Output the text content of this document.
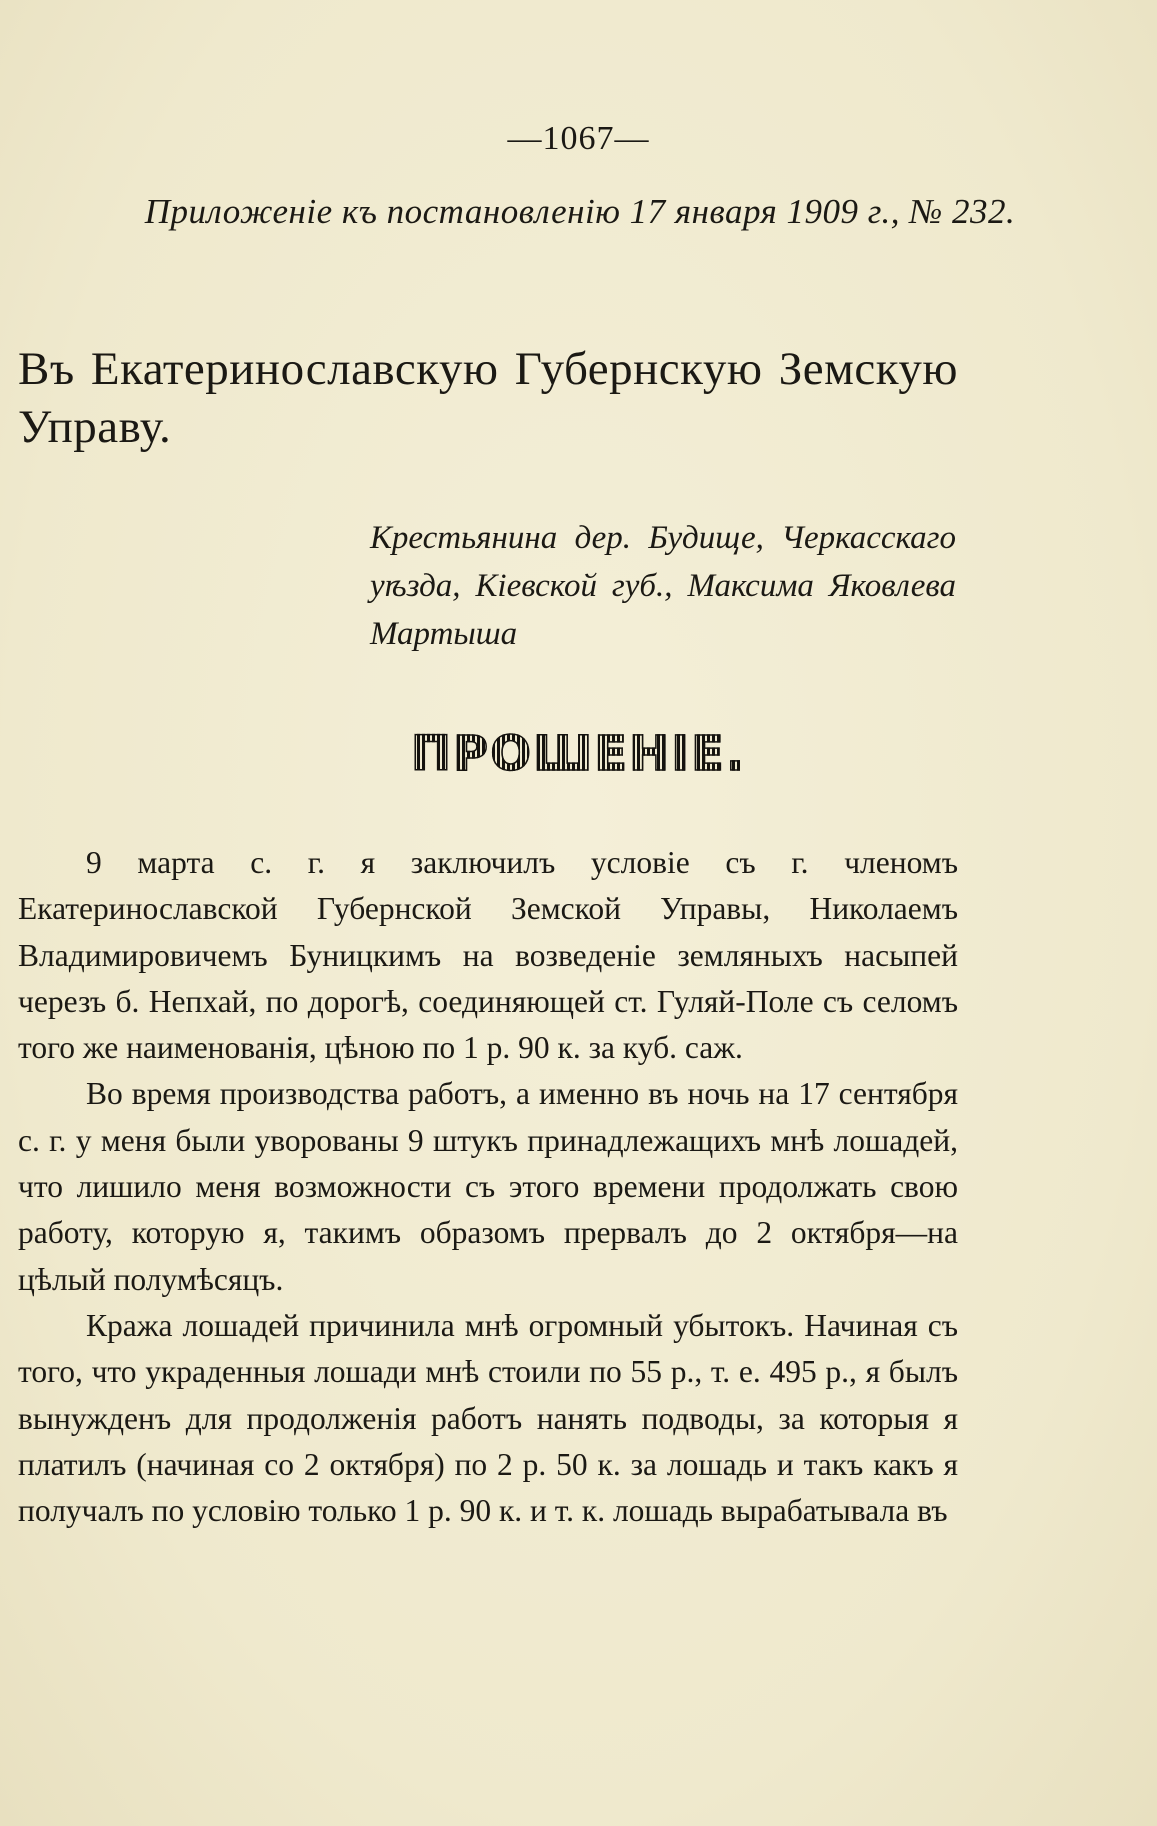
—1067—
Приложеніе къ постановленію 17 января 1909 г., № 232.
Въ Екатеринославскую Губернскую Земскую Управу.
Крестьянина дер. Будище, Черкасскаго уѣзда, Кіевской губ., Максима Яковлева Мартыша
ПРОШЕНІЕ.

9 марта с. г. я заключилъ условіе съ г. членомъ Екатеринославской Губернской Земской Управы, Николаемъ Владимировичемъ Буницкимъ на возведеніе земляныхъ насыпей черезъ б. Непхай, по дорогѣ, соединяющей ст. Гуляй-Поле съ селомъ того же наименованія, цѣною по 1 р. 90 к. за куб. саж.

Во время производства работъ, а именно въ ночь на 17 сентября с. г. у меня были уворованы 9 штукъ принадлежащихъ мнѣ лошадей, что лишило меня возможности съ этого времени продолжать свою работу, которую я, такимъ образомъ прервалъ до 2 октября—на цѣлый полумѣсяцъ.

Кража лошадей причинила мнѣ огромный убытокъ. Начиная съ того, что украденныя лошади мнѣ стоили по 55 р., т. е. 495 р., я былъ вынужденъ для продолженія работъ нанять подводы, за которыя я платилъ (начиная со 2 октября) по 2 р. 50 к. за лошадь и такъ какъ я получалъ по условію только 1 р. 90 к. и т. к. лошадь вырабатывала въ
